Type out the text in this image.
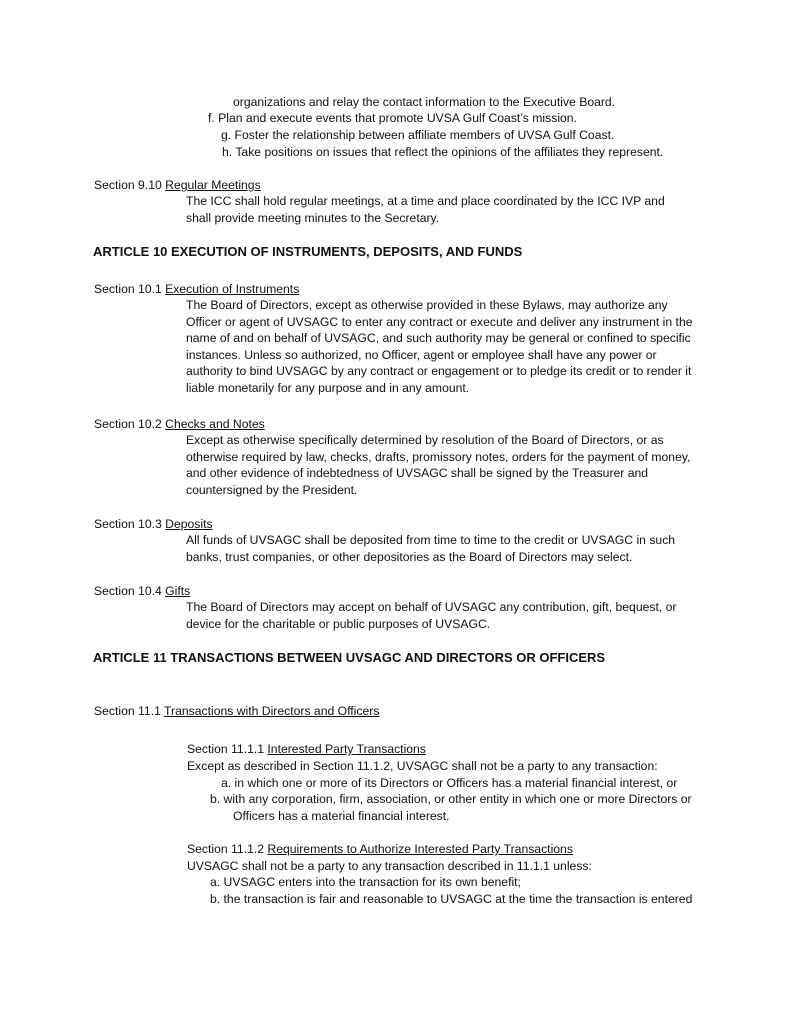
organizations and relay the contact information to the Executive Board.
f. Plan and execute events that promote UVSA Gulf Coast’s mission.
g. Foster the relationship between affiliate members of UVSA Gulf Coast.
h. Take positions on issues that reflect the opinions of the affiliates they represent.
Section 9.10 Regular Meetings
The ICC shall hold regular meetings, at a time and place coordinated by the ICC IVP and shall provide meeting minutes to the Secretary.
ARTICLE 10 EXECUTION OF INSTRUMENTS, DEPOSITS, AND FUNDS
Section 10.1 Execution of Instruments
The Board of Directors, except as otherwise provided in these Bylaws, may authorize any Officer or agent of UVSAGC to enter any contract or execute and deliver any instrument in the name of and on behalf of UVSAGC, and such authority may be general or confined to specific instances. Unless so authorized, no Officer, agent or employee shall have any power or authority to bind UVSAGC by any contract or engagement or to pledge its credit or to render it liable monetarily for any purpose and in any amount.
Section 10.2 Checks and Notes
Except as otherwise specifically determined by resolution of the Board of Directors, or as otherwise required by law, checks, drafts, promissory notes, orders for the payment of money, and other evidence of indebtedness of UVSAGC shall be signed by the Treasurer and countersigned by the President.
Section 10.3 Deposits
All funds of UVSAGC shall be deposited from time to time to the credit or UVSAGC in such banks, trust companies, or other depositories as the Board of Directors may select.
Section 10.4 Gifts
The Board of Directors may accept on behalf of UVSAGC any contribution, gift, bequest, or device for the charitable or public purposes of UVSAGC.
ARTICLE 11 TRANSACTIONS BETWEEN UVSAGC AND DIRECTORS OR OFFICERS
Section 11.1 Transactions with Directors and Officers
Section 11.1.1 Interested Party Transactions
Except as described in Section 11.1.2, UVSAGC shall not be a party to any transaction:
a. in which one or more of its Directors or Officers has a material financial interest, or
b. with any corporation, firm, association, or other entity in which one or more Directors or
Officers has a material financial interest.
Section 11.1.2 Requirements to Authorize Interested Party Transactions
UVSAGC shall not be a party to any transaction described in 11.1.1 unless:
a. UVSAGC enters into the transaction for its own benefit;
b. the transaction is fair and reasonable to UVSAGC at the time the transaction is entered
